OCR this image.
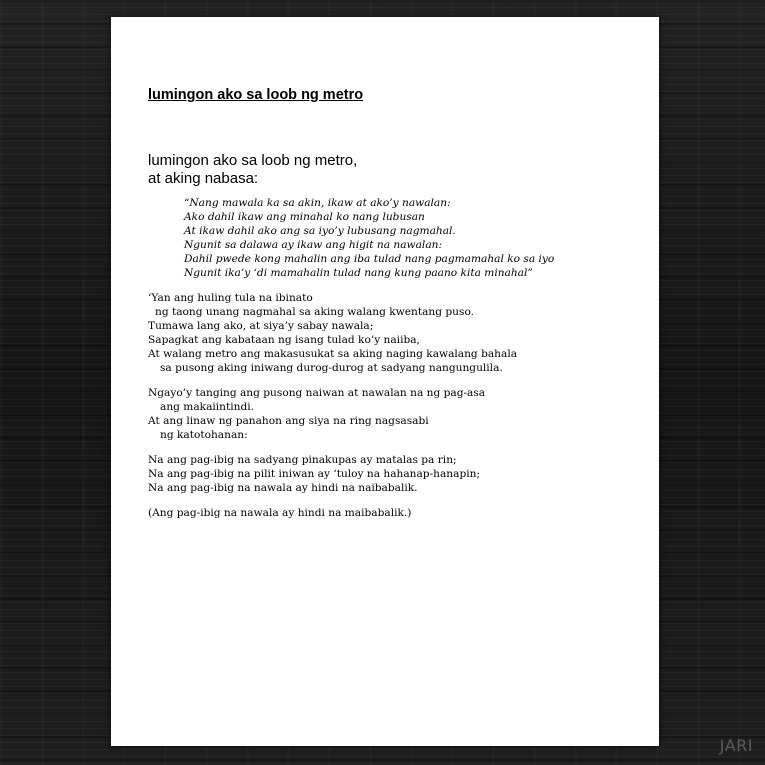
lumingon ako sa loob ng metro
lumingon ako sa loob ng metro,
at aking nabasa:
“Nang mawala ka sa akin, ikaw at ako’y nawalan:
Ako dahil ikaw ang minahal ko nang lubusan
At ikaw dahil ako ang sa iyo’y lubusang nagmahal.
Ngunit sa dalawa ay ikaw ang higit na nawalan:
Dahil pwede kong mahalin ang iba tulad nang pagmamahal ko sa iyo
Ngunit ika’y ‘di mamahalin tulad nang kung paano kita minahal”
‘Yan ang huling tula na ibinato
ng taong unang nagmahal sa aking walang kwentang puso.
Tumawa lang ako, at siya’y sabay nawala;
Sapagkat ang kabataan ng isang tulad ko’y naiiba,
At walang metro ang makasusukat sa aking naging kawalang bahala
sa pusong aking iniwang durog-durog at sadyang nangungulila.
Ngayo’y tanging ang pusong naiwan at nawalan na ng pag-asa
ang makaiintindi.
At ang linaw ng panahon ang siya na ring nagsasabi
ng katotohanan:
Na ang pag-ibig na sadyang pinakupas ay matalas pa rin;
Na ang pag-ibig na pilit iniwan ay ‘tuloy na hahanap-hanapin;
Na ang pag-ibig na nawala ay hindi na naibabalik.
(Ang pag-ibig na nawala ay hindi na maibabalik.)
JARI
